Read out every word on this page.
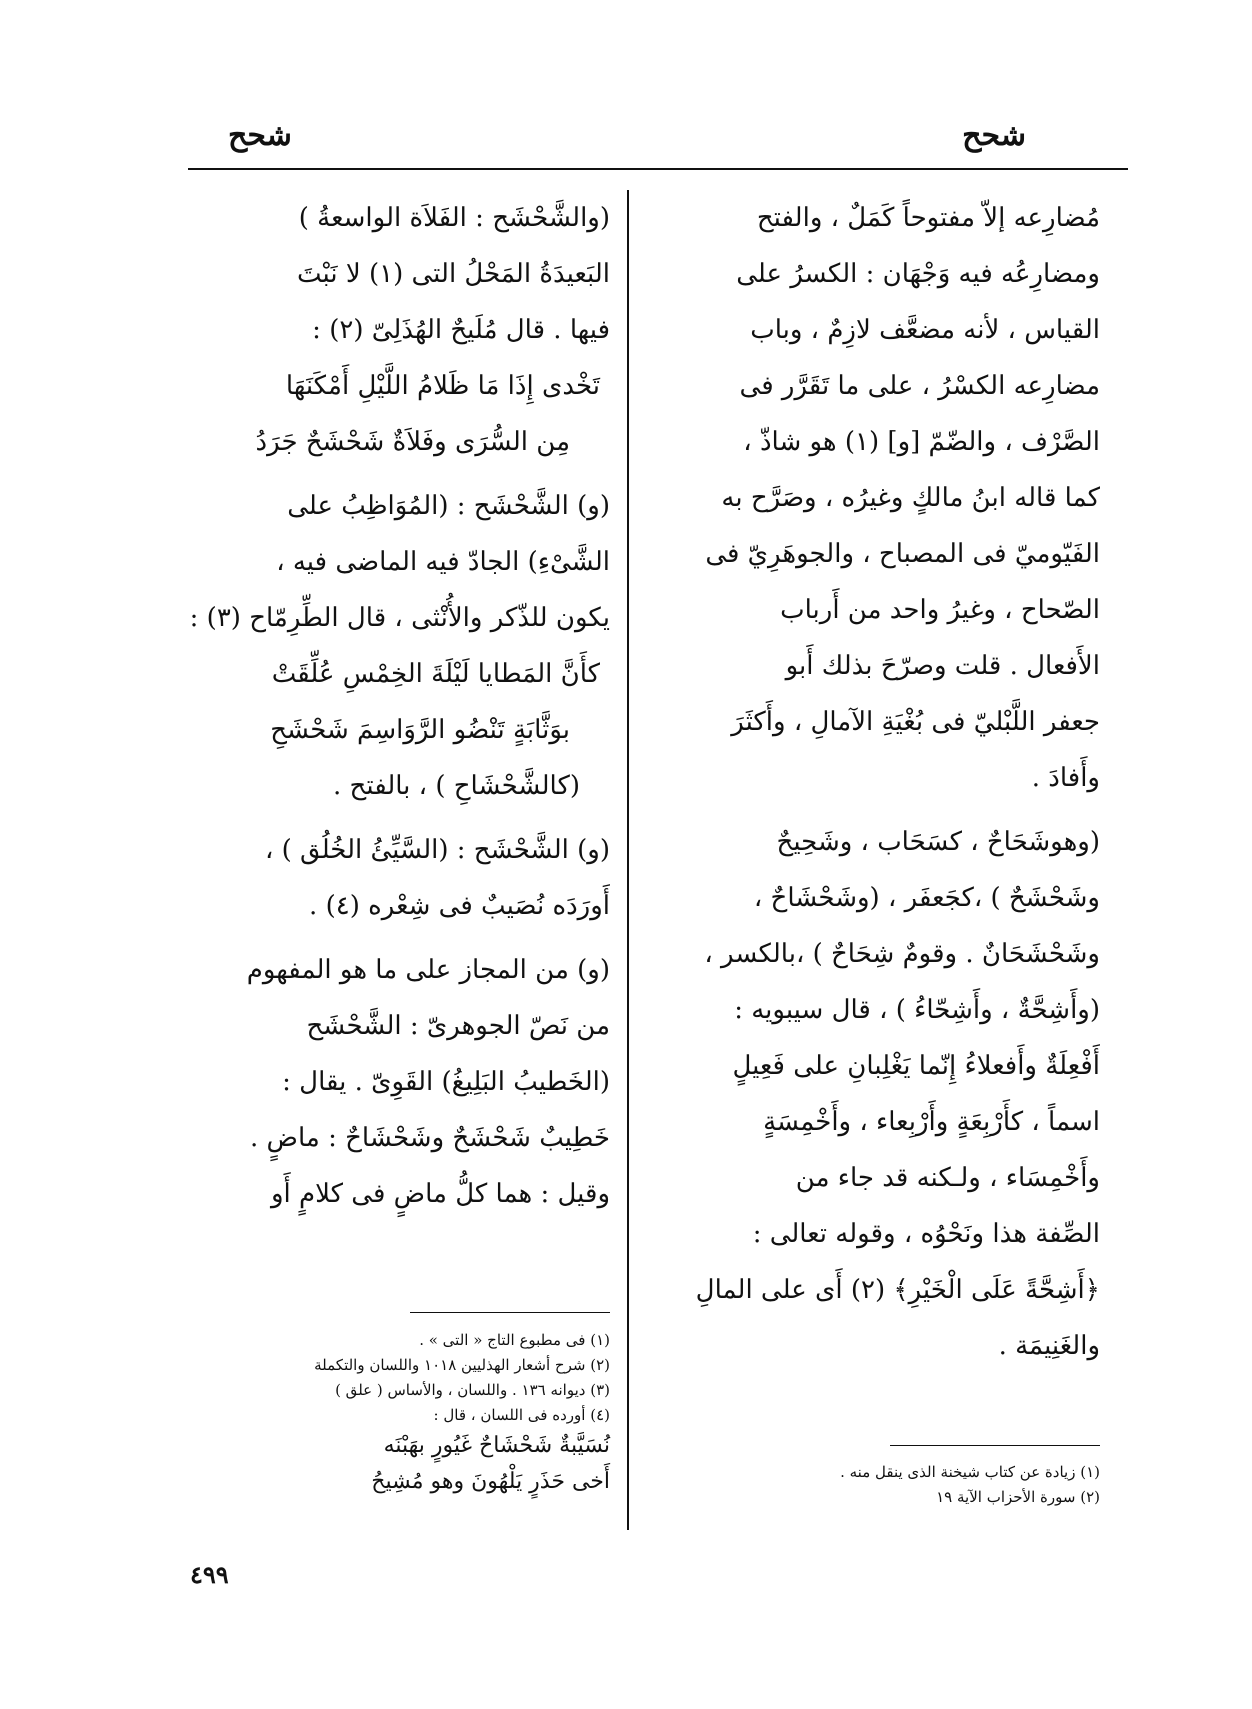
شحح	شحح
مُضارِعه إلاّ مفتوحاً كَمَلٌ ، والفتح
ومضارِعُه فيه وَجْهَان : الكسرُ على
القياس ، لأنه مضعَّف لازِمٌ ، وباب
مضارِعه الكسْرُ ، على ما تَقَرَّر فى
الصَّرْف ، والضّمّ [و] (١) هو شاذّ ،
كما قاله ابنُ مالكٍ وغيرُه ، وصَرَّح به
الفَيّوميّ فى المصباح ، والجوهَرِيّ فى
الصّحاح ، وغيرُ واحد من أَرباب
الأَفعال . قلت وصرّحَ بذلك أَبو
جعفر اللَّبْليّ فى بُغْيَةِ الآمالِ ، وأَكثَرَ
وأَفادَ .
(وهوشَحَاحٌ ، كسَحَاب ، وشَحِيحٌ
وشَحْشَحٌ ) ،كجَعفَر ، (وشَحْشَاحٌ ،
وشَحْشَحَانٌ . وقومٌ شِحَاحٌ ) ،بالكسر ،
(وأَشِحَّةٌ ، وأَشِحّاءُ ) ، قال سيبويه :
أَفْعِلَةٌ وأَفعلاءُ إِنّما يَغْلِبانِ على فَعِيلٍ
اسماً ، كأَرْبِعَةٍ وأَرْبِعاء ، وأَخْمِسَةٍ
وأَخْمِسَاء ، ولـكنه قد جاء من
الصِّفة هذا ونَحْوُه ، وقوله تعالى :
﴿أَشِحَّةً عَلَى الْخَيْرِ﴾ (٢) أَى على المالِ
والغَنِيمَة .
(١) زيادة عن كتاب شيخنة الذى ينقل منه .
(٢) سورة الأحزاب الآية ١٩
(والشَّحْشَح : الفَلاَة الواسعةُ )
البَعيدَةُ المَحْلُ التى (١) لا نَبْتَ
فيها . قال مُلَيحٌ الهُذَلِىّ (٢) :
تَخْدى إِذَا مَا ظَلامُ اللَّيْلِ أَمْكَنَهَا
مِن السُّرَى وفَلاَةٌ شَحْشَحٌ جَرَدُ
(و) الشَّحْشَح : (المُوَاظِبُ على
الشَّىْءِ) الجادّ فيه الماضى فيه ،
يكون للذّكر والأُنْثى ، قال الطِّرِمّاح (٣) :
كأَنَّ المَطايا لَيْلَةَ الخِمْسِ عُلِّقَتْ
بوَثَّابَةٍ تَنْضُو الرَّوَاسِمَ شَحْشَحِ
(كالشَّحْشَاحِ ) ، بالفتح .
(و) الشَّحْشَح : (السَّيِّئُ الخُلُق ) ،
أَورَدَه نُصَيبٌ فى شِعْره (٤) .
(و) من المجاز على ما هو المفهوم
من نَصّ الجوهرىّ : الشَّحْشَح
(الخَطيبُ البَلِيغُ) القَوِىّ . يقال :
خَطِيبٌ شَحْشَحٌ وشَحْشَاحٌ : ماضٍ .
وقيل : هما كلُّ ماضٍ فى كلامٍ أَو
(١) فى مطبوع التاج « التى » .
(٢) شرح أشعار الهذليين ١٠١٨ واللسان والتكملة
(٣) ديوانه ١٣٦ . واللسان ، والأساس ( علق )
(٤) أورده فى اللسان ، قال :
نُسَيَّبةٌ شَحْشَاحٌ غَيُورٍ بهَبْنَه
أَخى حَذَرٍ يَلْهُونَ وهو مُشِيحُ
٤٩٩
